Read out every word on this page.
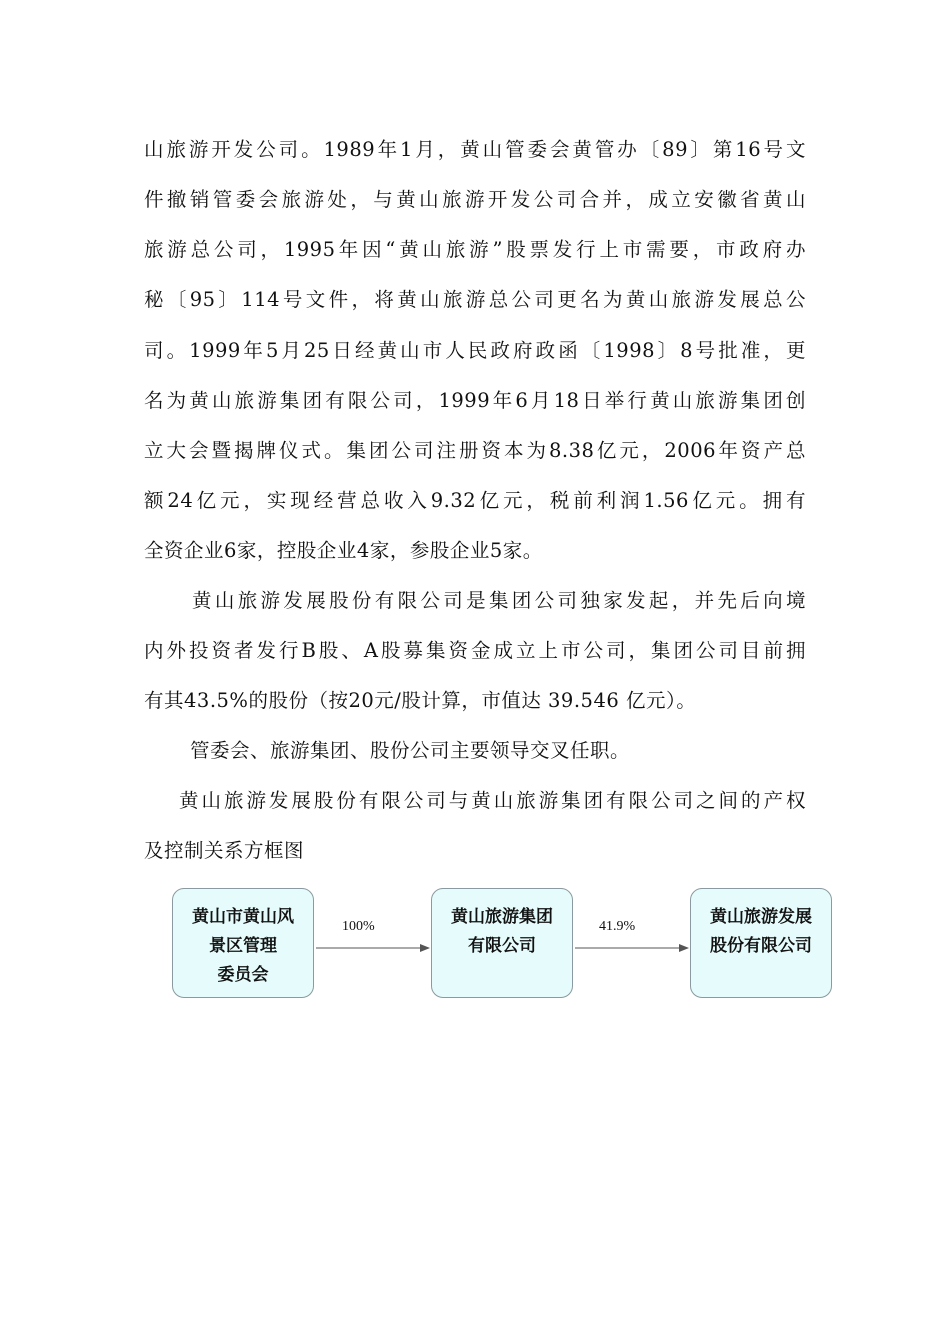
山旅游开发公司。1989年1月，黄山管委会黄管办〔89〕第16号文
件撤销管委会旅游处，与黄山旅游开发公司合并，成立安徽省黄山
旅游总公司，1995年因“黄山旅游”股票发行上市需要，市政府办
秘〔95〕114号文件，将黄山旅游总公司更名为黄山旅游发展总公
司。1999年5月25日经黄山市人民政府政函〔1998〕8号批准，更
名为黄山旅游集团有限公司，1999年6月18日举行黄山旅游集团创
立大会暨揭牌仪式。集团公司注册资本为8.38亿元，2006年资产总
额24亿元，实现经营总收入9.32亿元，税前利润1.56亿元。拥有
全资企业6家，控股企业4家，参股企业5家。
黄山旅游发展股份有限公司是集团公司独家发起，并先后向境
内外投资者发行B股、A股募集资金成立上市公司，集团公司目前拥
有其43.5%的股份（按20元/股计算，市值达 39.546 亿元）。
管委会、旅游集团、股份公司主要领导交叉任职。
黄山旅游发展股份有限公司与黄山旅游集团有限公司之间的产权
及控制关系方框图
黄山市黄山风
景区管理
委员会
黄山旅游集团
有限公司
黄山旅游发展
股份有限公司
100%	41.9%
